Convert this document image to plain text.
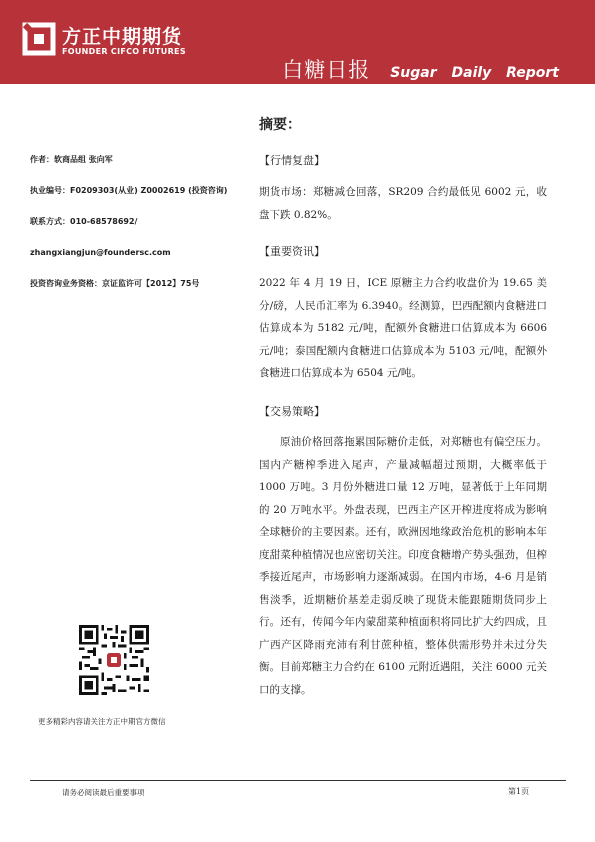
方正中期期货
FOUNDER CIFCO FUTURES
白糖日报 Sugar Daily Report
作者：软商品组 张向军
执业编号：F0209303(从业) Z0002619 (投资咨询)
联系方式：010-68578692/
zhangxiangjun@foundersc.com
投资咨询业务资格：京证监许可【2012】75号
摘要：
【行情复盘】
期货市场：郑糖减仓回落，SR209 合约最低见 6002 元，收盘下跌 0.82%。
【重要资讯】
2022 年 4 月 19 日，ICE 原糖主力合约收盘价为 19.65 美分/磅，人民币汇率为 6.3940。经测算，巴西配额内食糖进口估算成本为 5182 元/吨，配额外食糖进口估算成本为 6606 元/吨；泰国配额内食糖进口估算成本为 5103 元/吨，配额外食糖进口估算成本为 6504 元/吨。
【交易策略】
原油价格回落拖累国际糖价走低，对郑糖也有偏空压力。国内产糖榨季进入尾声，产量减幅超过预期，大概率低于 1000 万吨。3 月份外糖进口量 12 万吨，显著低于上年同期的 20 万吨水平。外盘表现，巴西主产区开榨进度将成为影响全球糖价的主要因素。还有，欧洲因地缘政治危机的影响本年度甜菜种植情况也应密切关注。印度食糖增产势头强劲，但榨季接近尾声，市场影响力逐渐减弱。在国内市场，4-6 月是销售淡季，近期糖价基差走弱反映了现货未能跟随期货同步上行。还有，传闻今年内蒙甜菜种植面积将同比扩大约四成，且广西产区降雨充沛有利甘蔗种植，整体供需形势并未过分失衡。目前郑糖主力合约在 6100 元附近遇阻，关注 6000 元关口的支撑。
更多精彩内容请关注方正中期官方微信
请务必阅读最后重要事项	第1页
